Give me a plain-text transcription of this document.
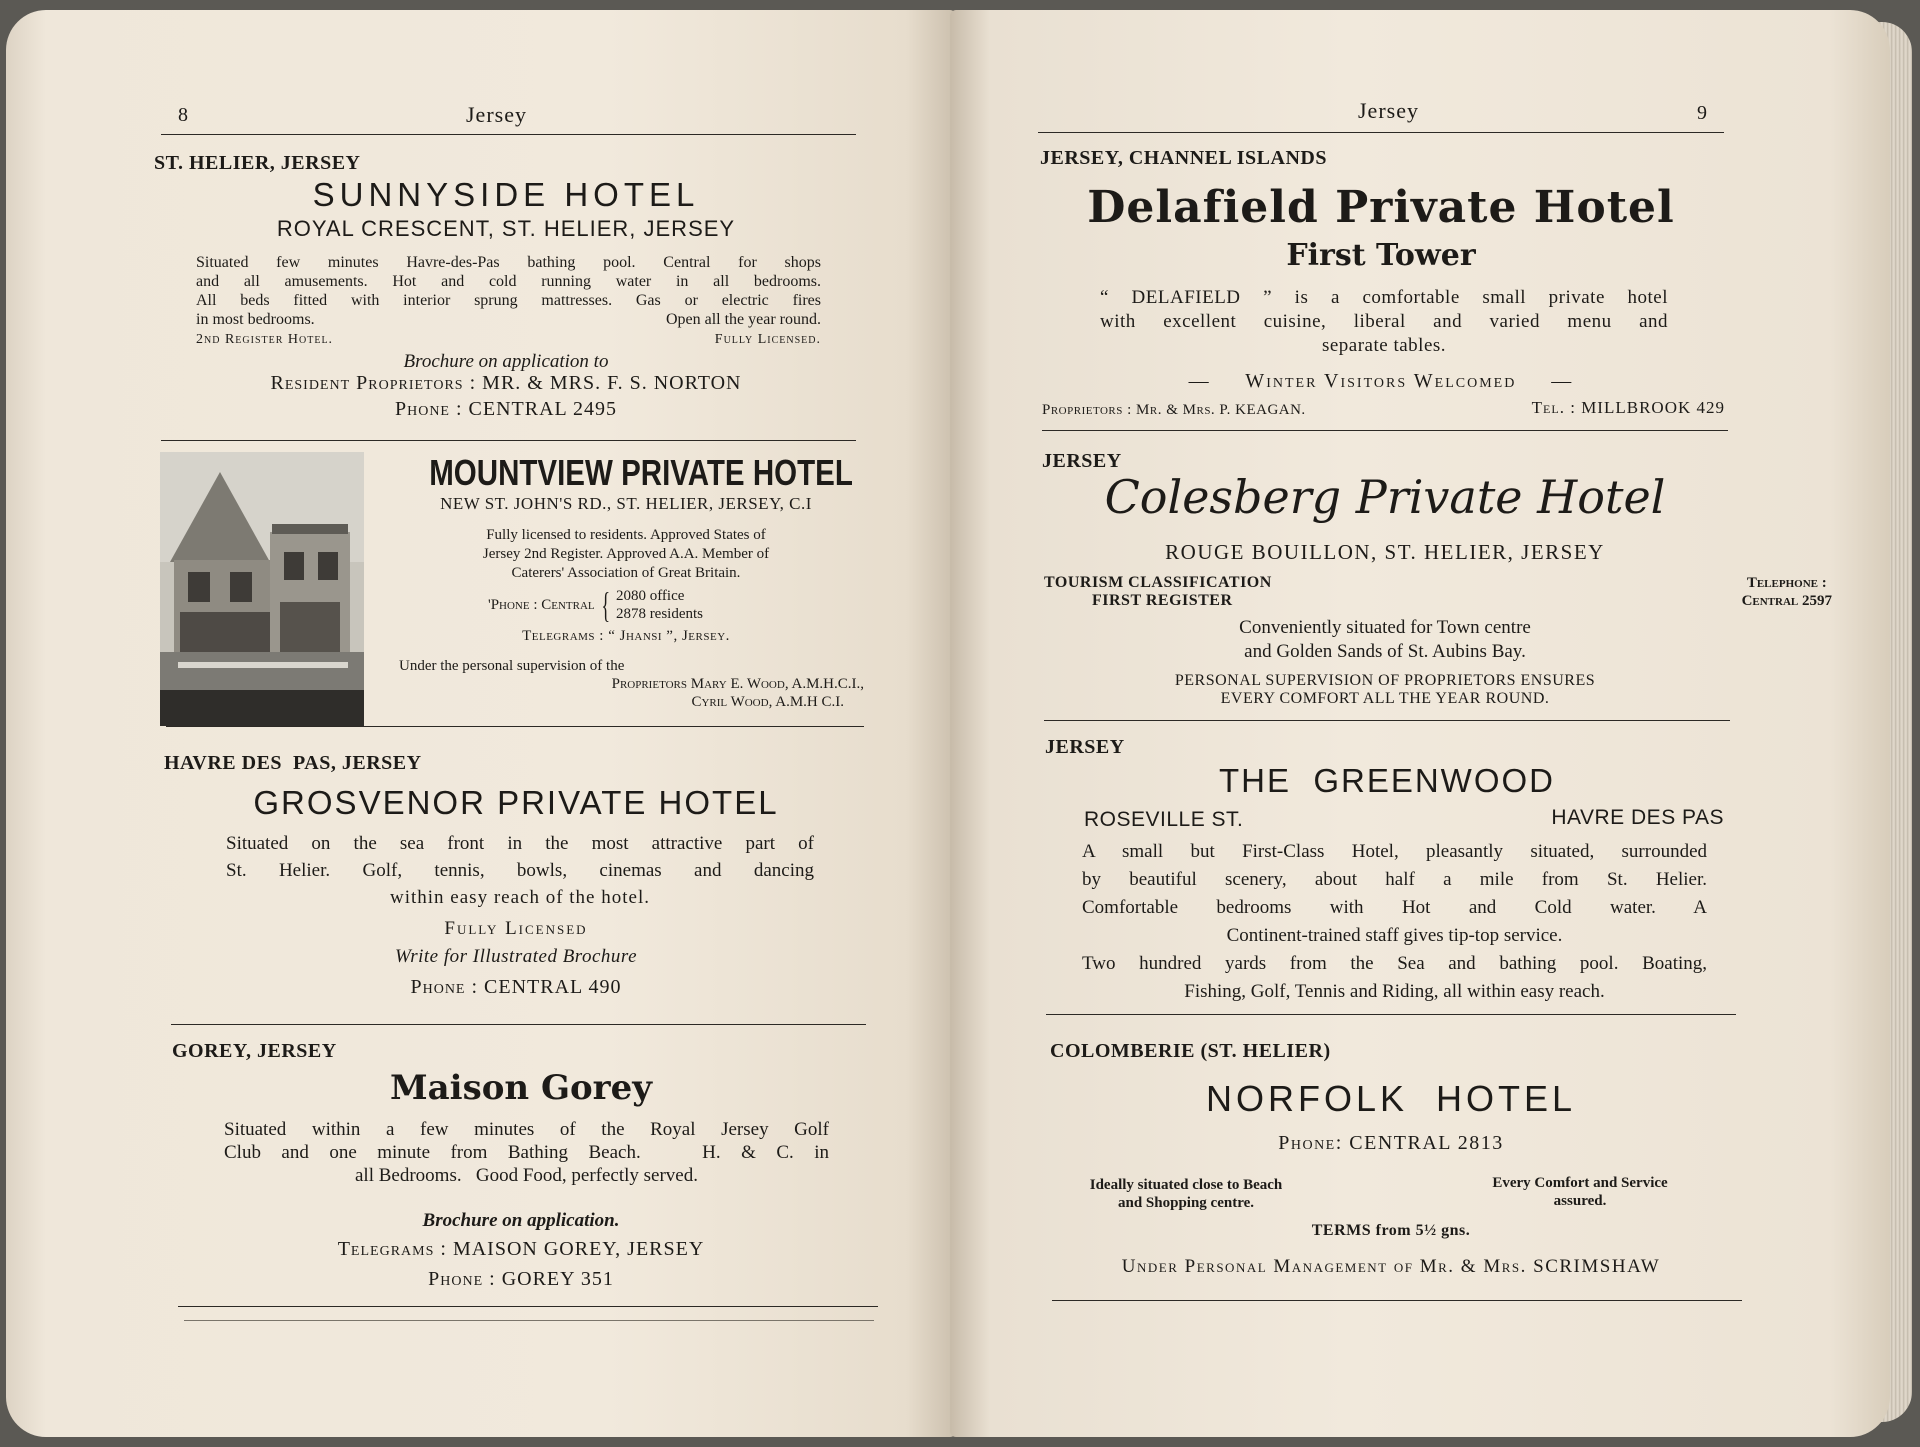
8	Jersey
ST. HELIER, JERSEY
SUNNYSIDE HOTEL
ROYAL CRESCENT, ST. HELIER, JERSEY
Situated few minutes Havre-des-Pas bathing pool. Central for shops
and all amusements. Hot and cold running water in all bedrooms.
All beds fitted with interior sprung mattresses. Gas or electric fires
in most bedrooms.	Open all the year round.
2nd Register Hotel.	Fully Licensed.
Brochure on application to
Resident Proprietors : MR. & MRS. F. S. NORTON
Phone : CENTRAL 2495
MOUNTVIEW PRIVATE HOTEL
NEW ST. JOHN'S RD., ST. HELIER, JERSEY, C.I
Fully licensed to residents. Approved States of
Jersey 2nd Register. Approved A.A. Member of
Caterers' Association of Great Britain.
'Phone : Central { 2080 office
2878 residents
Telegrams : “ Jhansi ”, Jersey.
Under the personal supervision of the
Proprietors Mary E. Wood, A.M.H.C.I.,
Cyril Wood, A.M.H C.I.
HAVRE DES  PAS, JERSEY
GROSVENOR PRIVATE HOTEL
Situated on the sea front in the most attractive part of
St. Helier. Golf, tennis, bowls, cinemas and dancing
within easy reach of the hotel.
Fully Licensed
Write for Illustrated Brochure
Phone : CENTRAL 490
GOREY, JERSEY
Maison Gorey
Situated within a few minutes of the Royal Jersey Golf
Club and one minute from Bathing Beach.   H. & C. in
all Bedrooms.   Good Food, perfectly served.
Brochure on application.
Telegrams : MAISON GOREY, JERSEY
Phone : GOREY 351
Jersey	9
JERSEY, CHANNEL ISLANDS
Delafield Private Hotel
First Tower
“ DELAFIELD ” is a comfortable small private hotel
with excellent cuisine, liberal and varied menu and
separate tables.
—     Winter Visitors Welcomed     —
Proprietors : Mr. & Mrs. P. KEAGAN.	Tel. : MILLBROOK 429
JERSEY
Colesberg Private Hotel
ROUGE BOUILLON, ST. HELIER, JERSEY
TOURISM CLASSIFICATION
FIRST REGISTER
Telephone :
Central 2597
Conveniently situated for Town centre
and Golden Sands of St. Aubins Bay.
PERSONAL SUPERVISION OF PROPRIETORS ENSURES
EVERY COMFORT ALL THE YEAR ROUND.
JERSEY
THE  GREENWOOD
ROSEVILLE ST.	HAVRE DES PAS
A small but First-Class Hotel, pleasantly situated, surrounded
by beautiful scenery, about half a mile from St. Helier.
Comfortable bedrooms with Hot and Cold water. A
Continent-trained staff gives tip-top service.
Two hundred yards from the Sea and bathing pool. Boating,
Fishing, Golf, Tennis and Riding, all within easy reach.
COLOMBERIE (ST. HELIER)
NORFOLK  HOTEL
Phone: CENTRAL 2813
Ideally situated close to Beach
and Shopping centre.
Every Comfort and Service
assured.
TERMS from 5½ gns.
Under Personal Management of Mr. & Mrs. SCRIMSHAW
